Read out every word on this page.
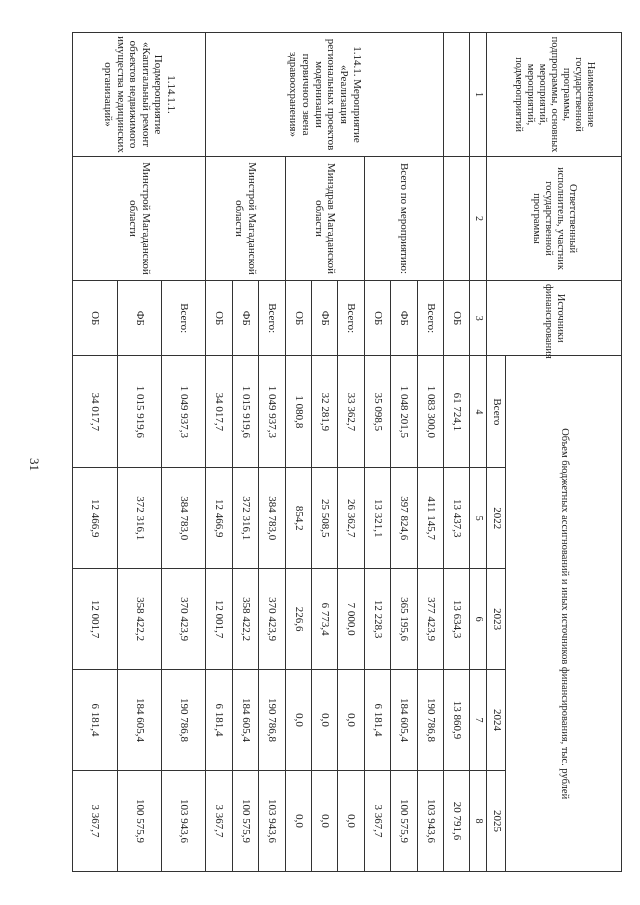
31
Наименование государственной программы, подпрограммы, основных мероприятий, мероприятий, подмероприятий	Ответственный исполнитель, участник государственной программы	Источники финансирования	Объем бюджетных ассигнований и иных источников финансирования, тыс. рублей				
			Всего	2022	2023	2024	2025
1	2	3	4	5	6	7	8
		ОБ	61 724,1	13 437,3	13 634,3	13 860,9	20 791,6
1.14.1. Мероприятие «Реализация региональных проектов модернизации первичного звена здравоохранения»	Всего по мероприятию:	Всего:	1 083 300,0	411 145,7	377 423,9	190 786,8	103 943,6
		ФБ	1 048 201,5	397 824,6	365 195,6	184 605,4	100 575,9
		ОБ	35 098,5	13 321,1	12 228,3	6 181,4	3 367,7
	Минздрав Магаданской области	Всего:	33 362,7	26 362,7	7 000,0	0,0	0,0
		ФБ	32 281,9	25 508,5	6 773,4	0,0	0,0
		ОБ	1 080,8	854,2	226,6	0,0	0,0
	Минстрой Магаданской области	Всего:	1 049 937,3	384 783,0	370 423,9	190 786,8	103 943,6
		ФБ	1 015 919,6	372 316,1	358 422,2	184 605,4	100 575,9
		ОБ	34 017,7	12 466,9	12 001,7	6 181,4	3 367,7
1.14.1.1. Подмероприятие «Капитальный ремонт объектов недвижимого имущества медицинских организаций»	Минстрой Магаданской области	Всего:	1 049 937,3	384 783,0	370 423,9	190 786,8	103 943,6
		ФБ	1 015 919,6	372 316,1	358 422,2	184 605,4	100 575,9
		ОБ	34 017,7	12 466,9	12 001,7	6 181,4	3 367,7
